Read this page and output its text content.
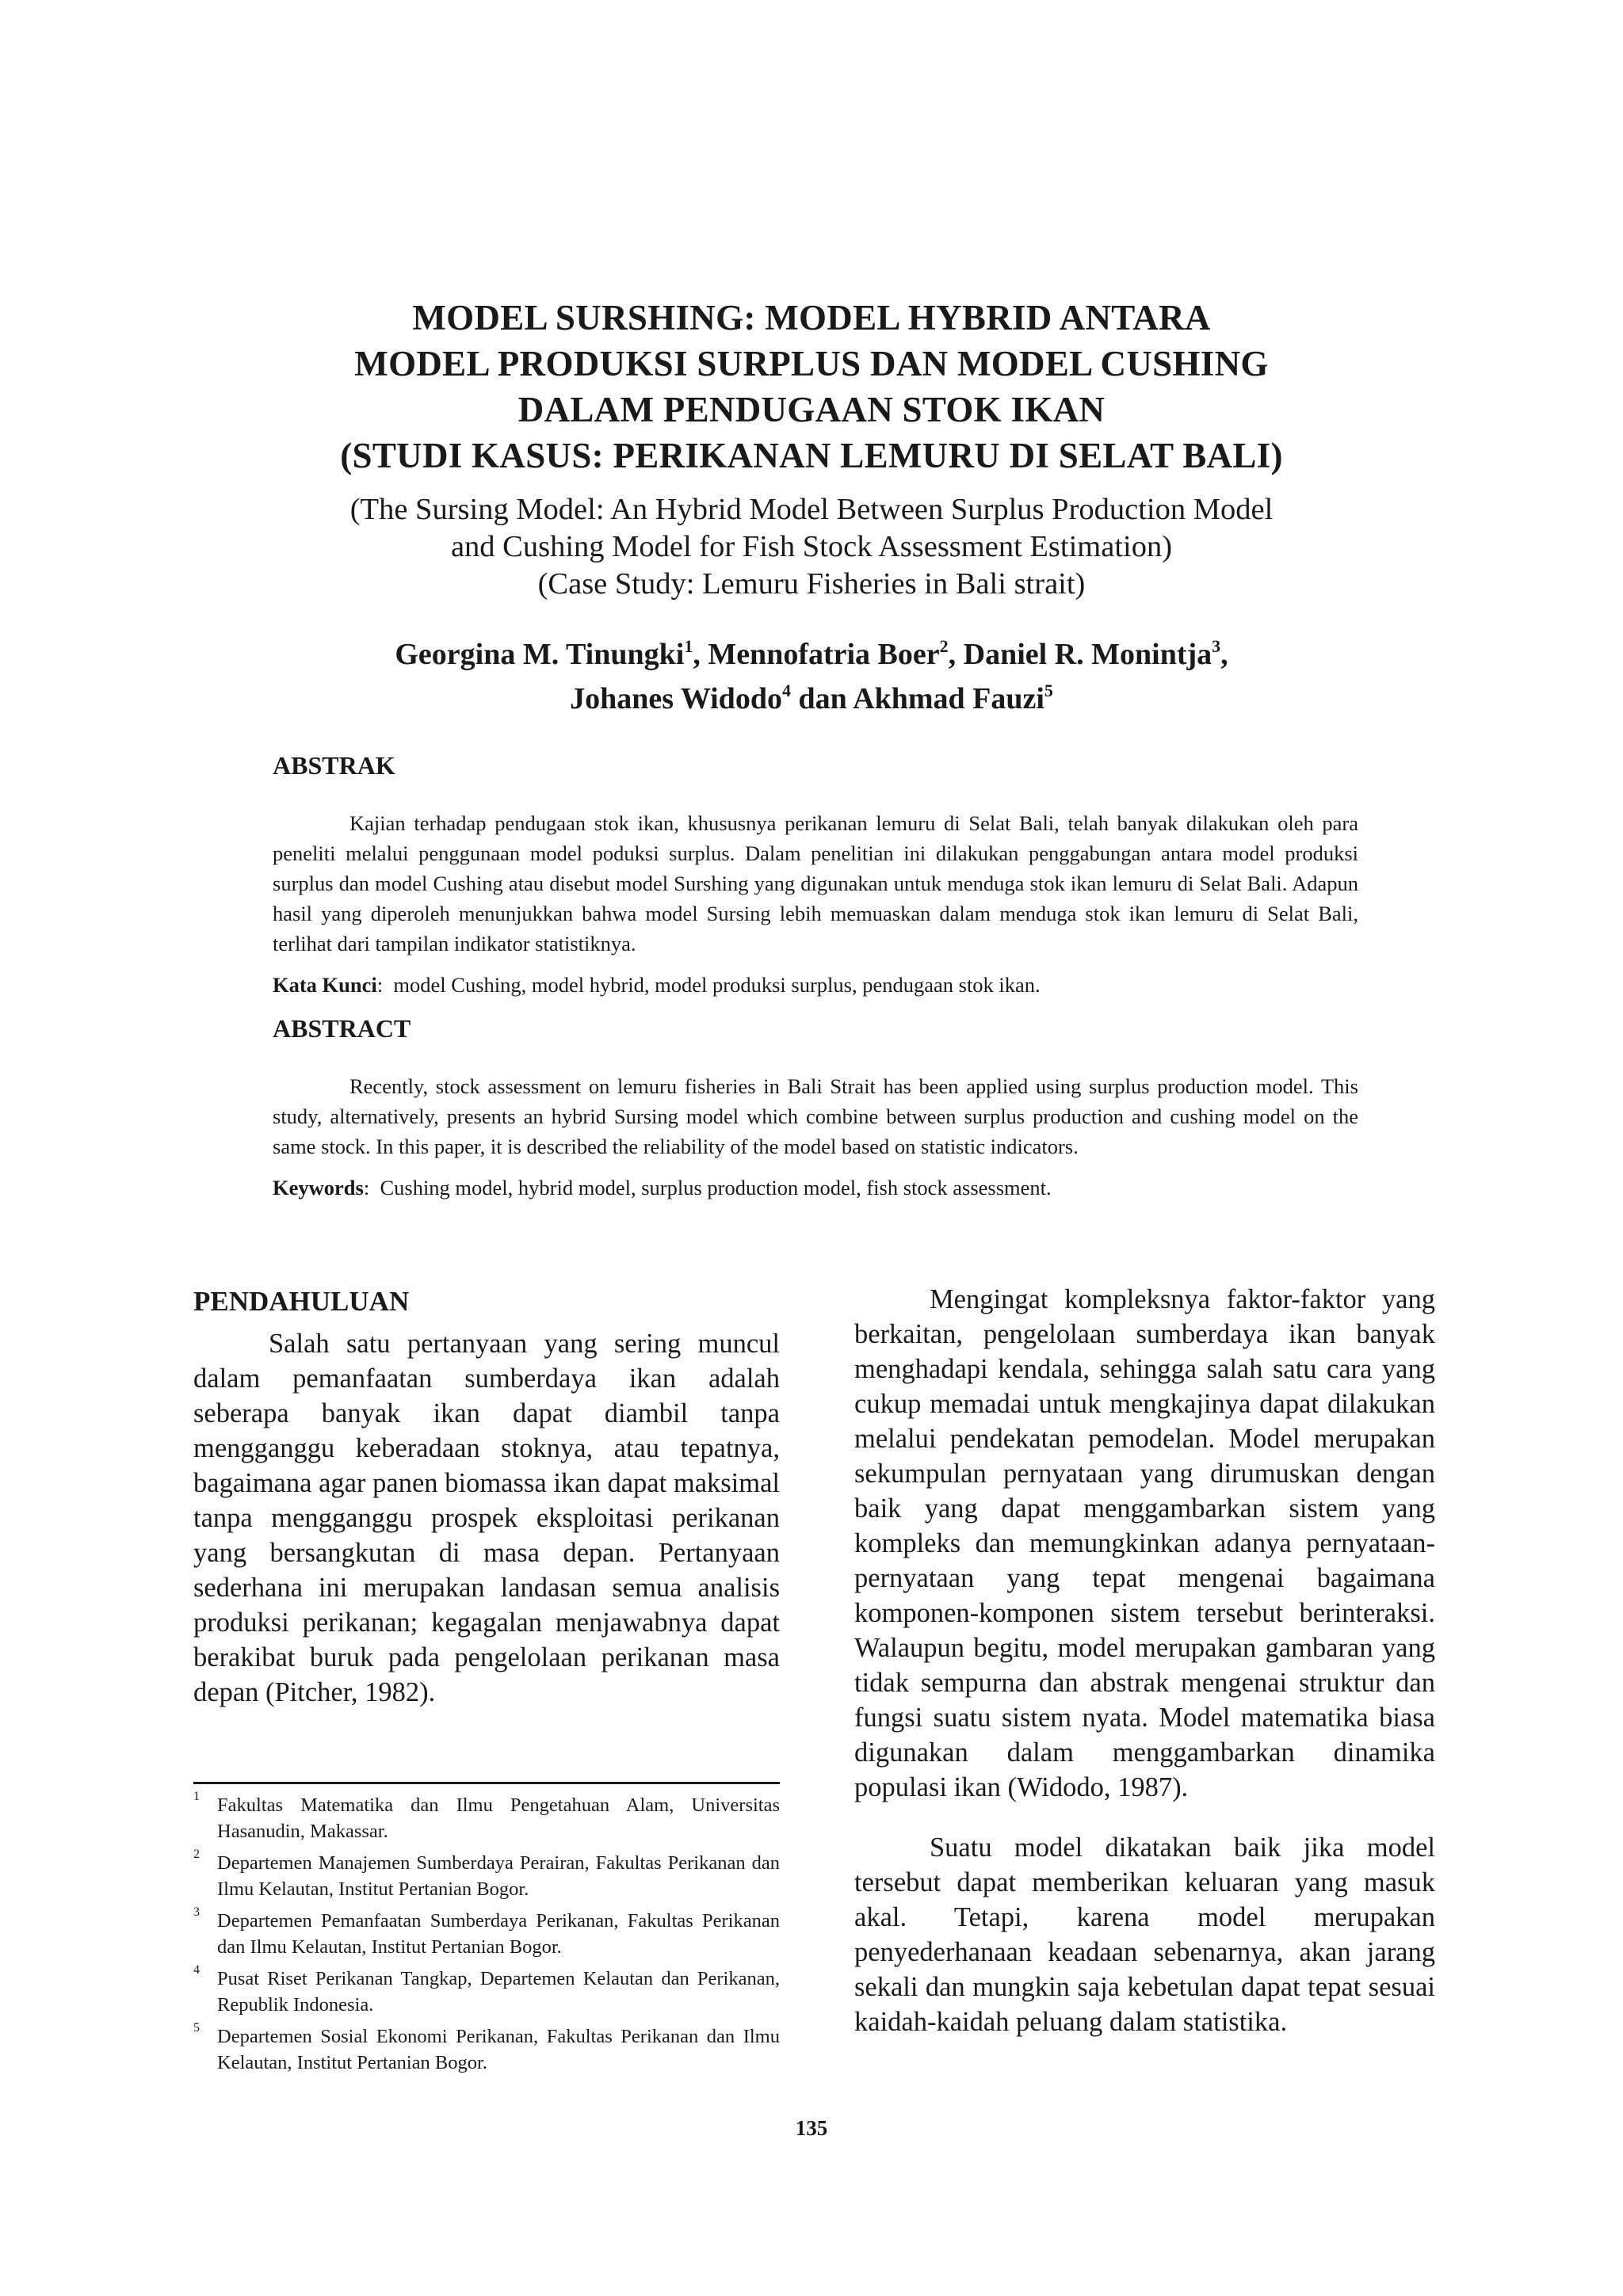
MODEL SURSHING: MODEL HYBRID ANTARA
MODEL PRODUKSI SURPLUS DAN MODEL CUSHING
DALAM PENDUGAAN STOK IKAN
(STUDI KASUS: PERIKANAN LEMURU DI SELAT BALI)
(The Sursing Model: An Hybrid Model Between Surplus Production Model
and Cushing Model for Fish Stock Assessment Estimation)
(Case Study: Lemuru Fisheries in Bali strait)
Georgina M. Tinungki$^1$, Mennofatria Boer$^2$, Daniel R. Monintja$^3$,
Johanes Widodo$^4$ dan Akhmad Fauzi$^5$
ABSTRAK

Kajian terhadap pendugaan stok ikan, khususnya perikanan lemuru di Selat Bali, telah banyak dilakukan oleh para peneliti melalui penggunaan model poduksi surplus. Dalam penelitian ini dilakukan penggabungan antara model produksi surplus dan model Cushing atau disebut model Surshing yang digunakan untuk menduga stok ikan lemuru di Selat Bali. Adapun hasil yang diperoleh menunjukkan bahwa model Sursing lebih memuaskan dalam menduga stok ikan lemuru di Selat Bali, terlihat dari tampilan indikator statistiknya.

Kata Kunci:  model Cushing, model hybrid, model produksi surplus, pendugaan stok ikan.
ABSTRACT

Recently, stock assessment on lemuru fisheries in Bali Strait has been applied using surplus production model. This study, alternatively, presents an hybrid Sursing model which combine between surplus production and cushing model on the same stock. In this paper, it is described the reliability of the model based on statistic indicators.

Keywords:  Cushing model, hybrid model, surplus production model, fish stock assessment.
PENDAHULUAN

Salah satu pertanyaan yang sering muncul dalam pemanfaatan sumberdaya ikan adalah seberapa banyak ikan dapat diambil tanpa mengganggu keberadaan stoknya, atau tepatnya, bagaimana agar panen biomassa ikan dapat maksimal tanpa mengganggu prospek eksploitasi perikanan yang bersangkutan di masa depan. Pertanyaan sederhana ini merupakan landasan semua analisis produksi perikanan; kegagalan menjawabnya dapat berakibat buruk pada pengelolaan perikanan masa depan (Pitcher, 1982).

Mengingat kompleksnya faktor-faktor yang berkaitan, pengelolaan sumberdaya ikan banyak menghadapi kendala, sehingga salah satu cara yang cukup memadai untuk mengkajinya dapat dilakukan melalui pendekatan pemodelan. Model merupakan sekumpulan pernyataan yang dirumuskan dengan baik yang dapat menggambarkan sistem yang kompleks dan memungkinkan adanya pernyataan-pernyataan yang tepat mengenai bagaimana komponen-komponen sistem tersebut berinteraksi. Walaupun begitu, model merupakan gambaran yang tidak sempurna dan abstrak mengenai struktur dan fungsi suatu sistem nyata. Model matematika biasa digunakan dalam menggambarkan dinamika populasi ikan (Widodo, 1987).

Suatu model dikatakan baik jika model tersebut dapat memberikan keluaran yang masuk akal. Tetapi, karena model merupakan penyederhanaan keadaan sebenarnya, akan jarang sekali dan mungkin saja kebetulan dapat tepat sesuai kaidah-kaidah peluang dalam statistika.

1 Fakultas Matematika dan Ilmu Pengetahuan Alam, Universitas Hasanudin, Makassar.
2 Departemen Manajemen Sumberdaya Perairan, Fakultas Perikanan dan Ilmu Kelautan, Institut Pertanian Bogor.
3 Departemen Pemanfaatan Sumberdaya Perikanan, Fakultas Perikanan dan Ilmu Kelautan, Institut Pertanian Bogor.
4 Pusat Riset Perikanan Tangkap, Departemen Kelautan dan Perikanan, Republik Indonesia.
5 Departemen Sosial Ekonomi Perikanan, Fakultas Perikanan dan Ilmu Kelautan, Institut Pertanian Bogor.
135
